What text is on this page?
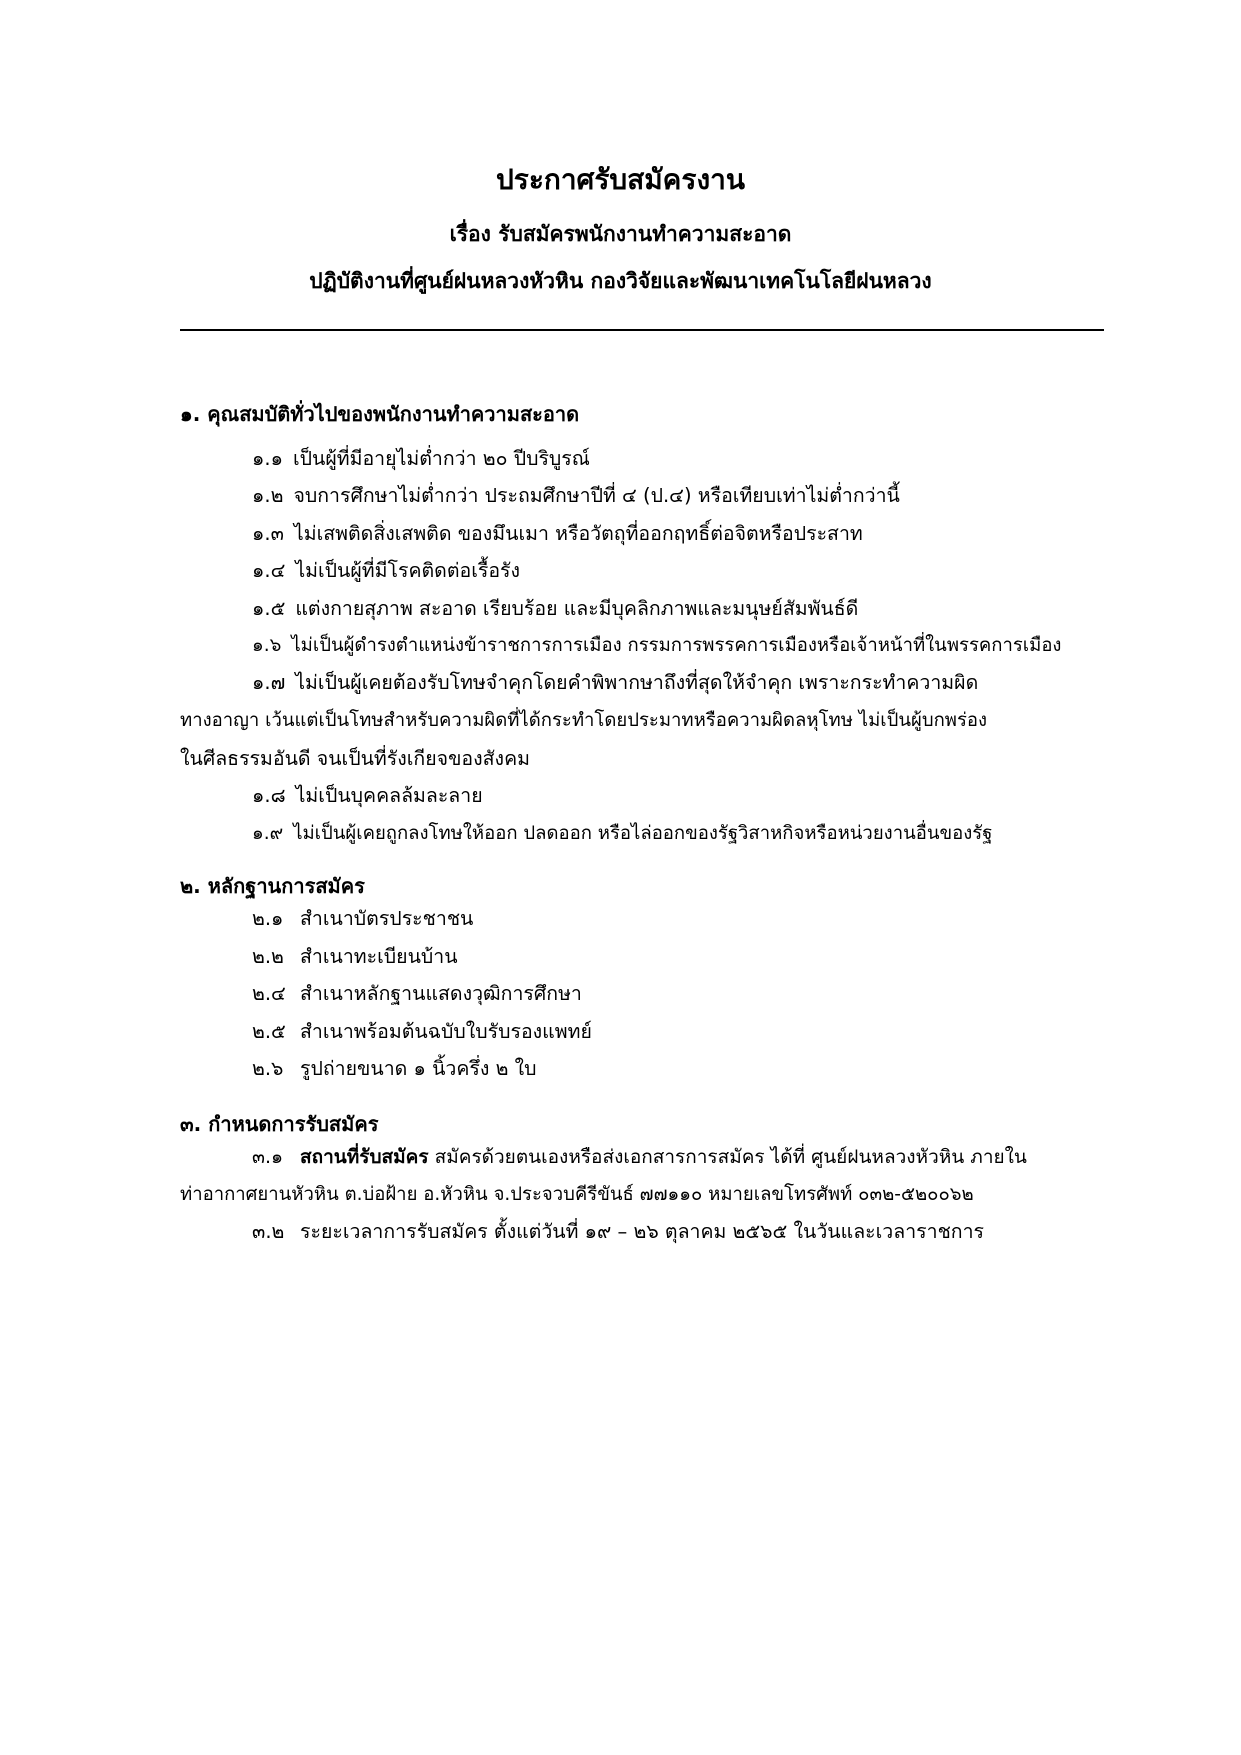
ประกาศรับสมัครงาน
เรื่อง รับสมัครพนักงานทำความสะอาด
ปฏิบัติงานที่ศูนย์ฝนหลวงหัวหิน กองวิจัยและพัฒนาเทคโนโลยีฝนหลวง
๑. คุณสมบัติทั่วไปของพนักงานทำความสะอาด
๑.๑ เป็นผู้ที่มีอายุไม่ต่ำกว่า ๒๐ ปีบริบูรณ์
๑.๒ จบการศึกษาไม่ต่ำกว่า ประถมศึกษาปีที่ ๔ (ป.๔) หรือเทียบเท่าไม่ต่ำกว่านี้
๑.๓ ไม่เสพติดสิ่งเสพติด ของมึนเมา หรือวัตถุที่ออกฤทธิ์ต่อจิตหรือประสาท
๑.๔ ไม่เป็นผู้ที่มีโรคติดต่อเรื้อรัง
๑.๕ แต่งกายสุภาพ สะอาด เรียบร้อย และมีบุคลิกภาพและมนุษย์สัมพันธ์ดี
๑.๖ ไม่เป็นผู้ดำรงตำแหน่งข้าราชการการเมือง กรรมการพรรคการเมืองหรือเจ้าหน้าที่ในพรรคการเมือง
๑.๗ ไม่เป็นผู้เคยต้องรับโทษจำคุกโดยคำพิพากษาถึงที่สุดให้จำคุก เพราะกระทำความผิด
ทางอาญา เว้นแต่เป็นโทษสำหรับความผิดที่ได้กระทำโดยประมาทหรือความผิดลหุโทษ ไม่เป็นผู้บกพร่อง
ในศีลธรรมอันดี จนเป็นที่รังเกียจของสังคม
๑.๘ ไม่เป็นบุคคลล้มละลาย
๑.๙ ไม่เป็นผู้เคยถูกลงโทษให้ออก ปลดออก หรือไล่ออกของรัฐวิสาหกิจหรือหน่วยงานอื่นของรัฐ
๒. หลักฐานการสมัคร
๒.๑ สำเนาบัตรประชาชน
๒.๒ สำเนาทะเบียนบ้าน
๒.๔ สำเนาหลักฐานแสดงวุฒิการศึกษา
๒.๕ สำเนาพร้อมต้นฉบับใบรับรองแพทย์
๒.๖ รูปถ่ายขนาด ๑ นิ้วครึ่ง ๒ ใบ
๓. กำหนดการรับสมัคร
๓.๑ สถานที่รับสมัคร สมัครด้วยตนเองหรือส่งเอกสารการสมัคร ได้ที่ ศูนย์ฝนหลวงหัวหิน ภายใน
ท่าอากาศยานหัวหิน ต.บ่อฝ้าย อ.หัวหิน จ.ประจวบคีรีขันธ์ ๗๗๑๑๐ หมายเลขโทรศัพท์ ๐๓๒-๕๒๐๐๖๒
๓.๒ ระยะเวลาการรับสมัคร ตั้งแต่วันที่ ๑๙ – ๒๖ ตุลาคม ๒๕๖๕ ในวันและเวลาราชการ
